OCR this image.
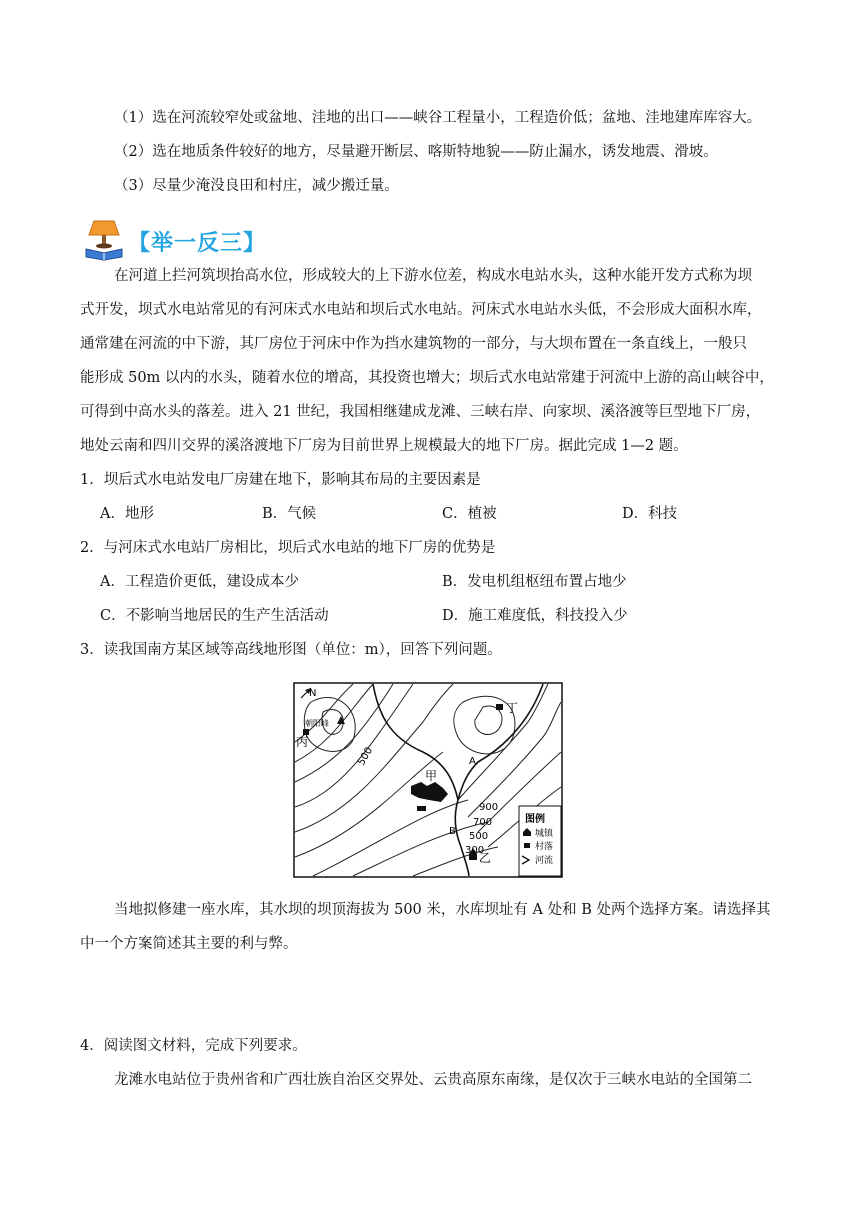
（1）选在河流较窄处或盆地、洼地的出口——峡谷工程量小，工程造价低；盆地、洼地建库库容大。
（2）选在地质条件较好的地方，尽量避开断层、喀斯特地貌——防止漏水，诱发地震、滑坡。
（3）尽量少淹没良田和村庄，减少搬迁量。
【举一反三】
在河道上拦河筑坝抬高水位，形成较大的上下游水位差，构成水电站水头，这种水能开发方式称为坝
式开发，坝式水电站常见的有河床式水电站和坝后式水电站。河床式水电站水头低，不会形成大面积水库，
通常建在河流的中下游，其厂房位于河床中作为挡水建筑物的一部分，与大坝布置在一条直线上，一般只
能形成 50m 以内的水头，随着水位的增高，其投资也增大；坝后式水电站常建于河流中上游的高山峡谷中，
可得到中高水头的落差。进入 21 世纪，我国相继建成龙滩、三峡右岸、向家坝、溪洛渡等巨型地下厂房，
地处云南和四川交界的溪洛渡地下厂房为目前世界上规模最大的地下厂房。据此完成 1—2 题。
1．坝后式水电站发电厂房建在地下，影响其布局的主要因素是
A．地形	B．气候	C．植被	D．科技
2．与河床式水电站厂房相比，坝后式水电站的地下厂房的优势是
A．工程造价更低，建设成本少	B．发电机组枢纽布置占地少
C．不影响当地居民的生产生活活动	D．施工难度低，科技投入少
3．读我国南方某区域等高线地形图（单位：m），回答下列问题。
N
朝阳峰
丙
丁
甲
乙
A
B
500
900
700
500
300
图例
城镇
村落
河流
当地拟修建一座水库，其水坝的坝顶海拔为 500 米，水库坝址有 A 处和 B 处两个选择方案。请选择其
中一个方案简述其主要的利与弊。
4．阅读图文材料，完成下列要求。
龙滩水电站位于贵州省和广西壮族自治区交界处、云贵高原东南缘，是仅次于三峡水电站的全国第二
